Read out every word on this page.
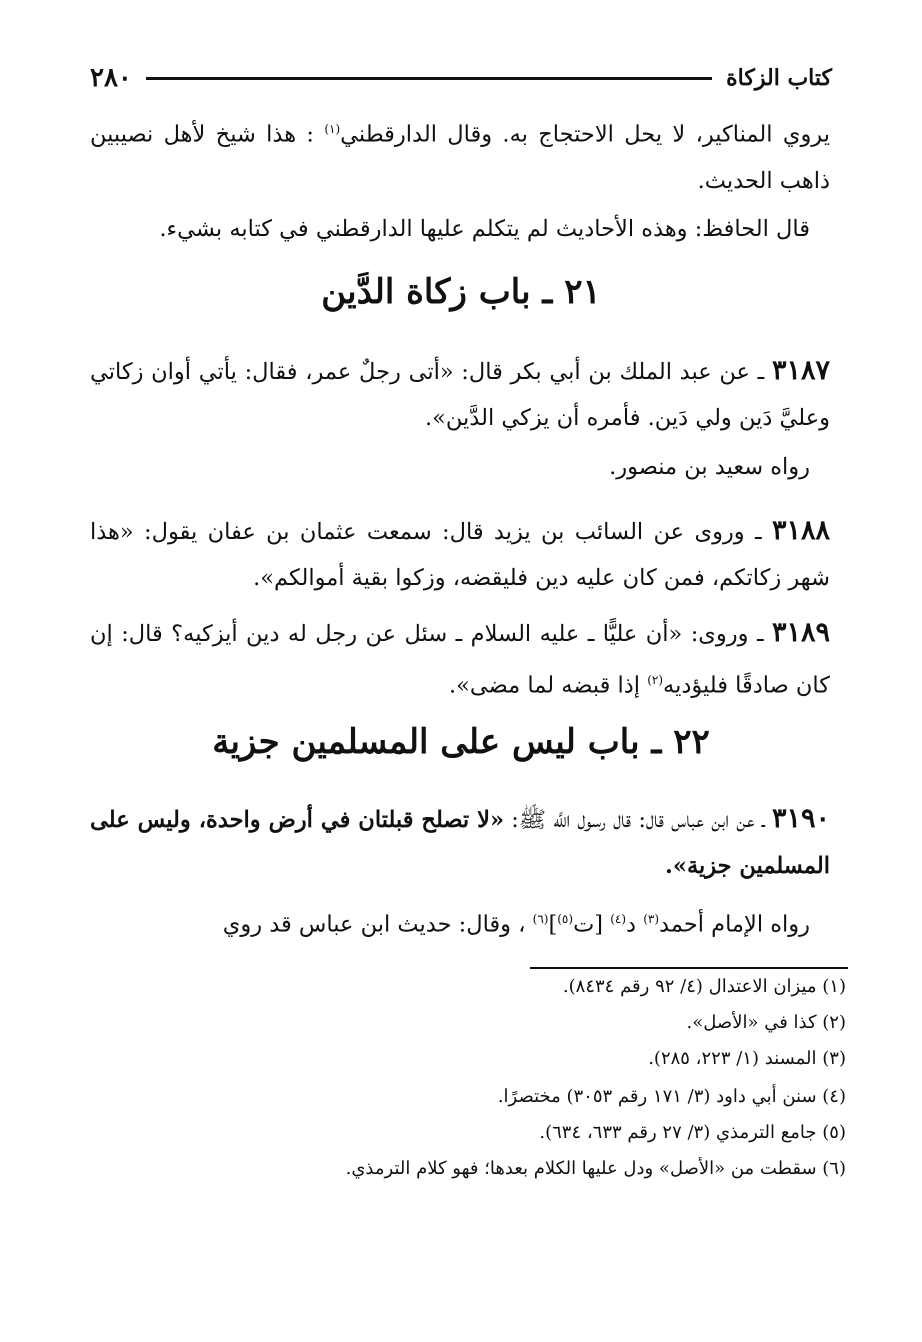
٢٨٠	كتاب الزكاة

يروي المناكير، لا يحل الاحتجاج به. وقال الدارقطني$^{(١)}$ : هذا شيخ لأهل نصيبين ذاهب الحديث.

قال الحافظ: وهذه الأحاديث لم يتكلم عليها الدارقطني في كتابه بشيء.

٢١ ـ باب زكاة الدَّين

٣١٨٧ ـ عن عبد الملك بن أبي بكر قال: «أتى رجلٌ عمر، فقال: يأتي أوان زكاتي وعليَّ دَين ولي دَين. فأمره أن يزكي الدَّين».

رواه سعيد بن منصور.

٣١٨٨ ـ وروى عن السائب بن يزيد قال: سمعت عثمان بن عفان يقول: «هذا شهر زكاتكم، فمن كان عليه دين فليقضه، وزكوا بقية أموالكم».

٣١٨٩ ـ وروى: «أن عليًّا ـ عليه السلام ـ سئل عن رجل له دين أيزكيه؟ قال: إن كان صادقًا فليؤديه$^{(٢)}$ إذا قبضه لما مضى».

٢٢ ـ باب ليس على المسلمين جزية

٣١٩٠ ـ عن ابن عباس قال: قال رسول اللَّه ﷺ: «لا تصلح قبلتان في أرض واحدة، وليس على المسلمين جزية».

رواه الإمام أحمد$^{(٣)}$ د$^{(٤)}$ [ت$^{(٥)}$]$^{(٦)}$ ، وقال: حديث ابن عباس قد روي

(١) ميزان الاعتدال (٤/ ٩٢ رقم ٨٤٣٤).
(٢) كذا في «الأصل».
(٣) المسند (١/ ٢٢٣، ٢٨٥).
(٤) سنن أبي داود (٣/ ١٧١ رقم ٣٠٥٣) مختصرًا.
(٥) جامع الترمذي (٣/ ٢٧ رقم ٦٣٣، ٦٣٤).
(٦) سقطت من «الأصل» ودل عليها الكلام بعدها؛ فهو كلام الترمذي.
